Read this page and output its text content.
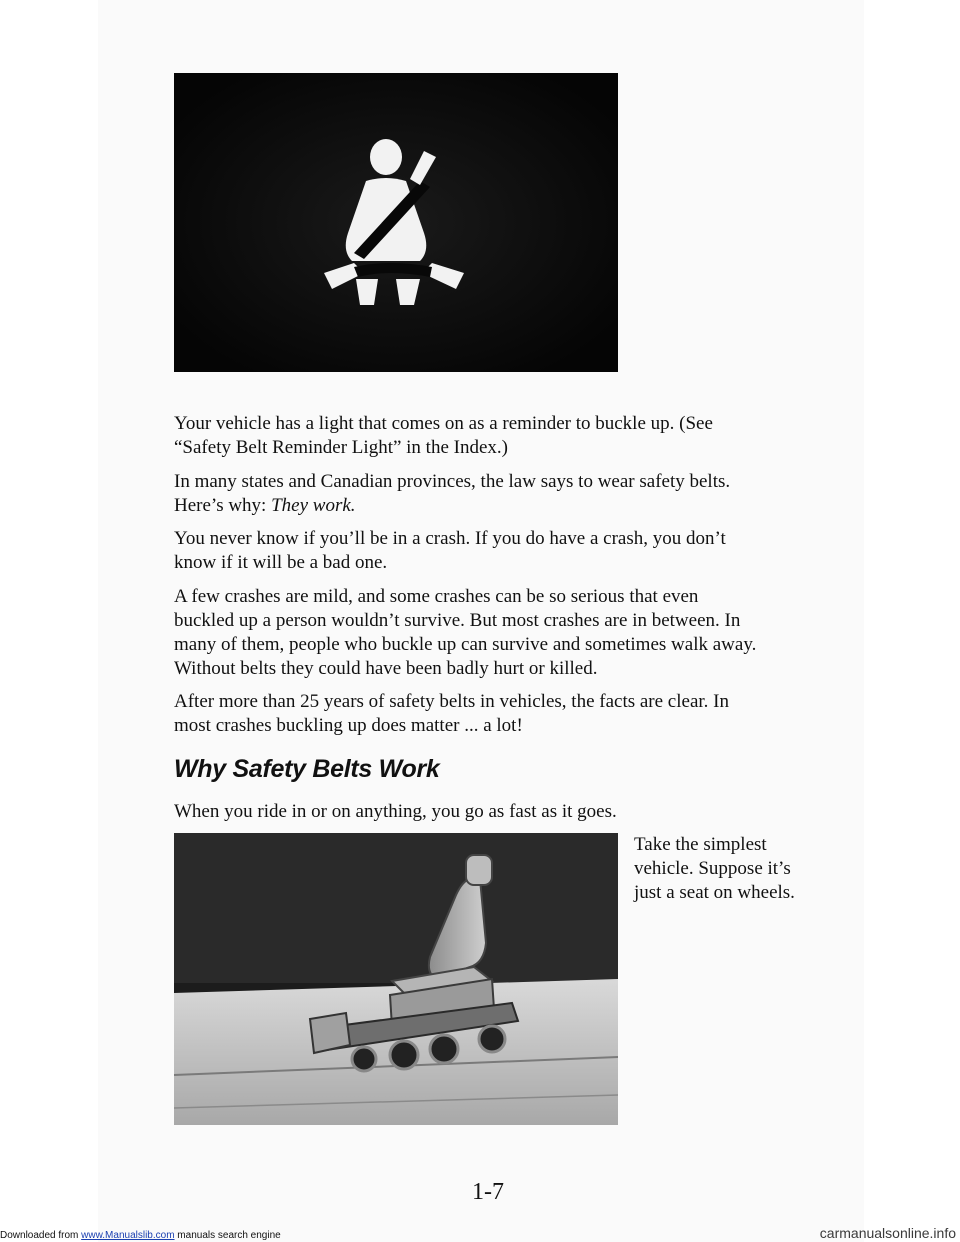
Your vehicle has a light that comes on as a reminder to buckle up. (See

“Safety Belt Reminder Light” in the Index.)

In many states and Canadian provinces, the law says to wear safety belts.

Here’s why: They work.

You never know if you’ll be in a crash. If you do have a crash, you don’t

know if it will be a bad one.

A few crashes are mild, and some crashes can be so serious that even

buckled up a person wouldn’t survive. But most crashes are in between. In

many of them, people who buckle up can survive and sometimes walk away.

Without belts they could have been badly hurt or killed.

After more than 25 years of safety belts in vehicles, the facts are clear. In

most crashes buckling up does matter ... a lot!

Why Safety Belts Work

When you ride in or on anything, you go as fast as it goes.

Take the simplest

vehicle. Suppose it’s

just a seat on wheels.

1-7

Downloaded from www.Manualslib.com manuals search engine	carmanualsonline.info
